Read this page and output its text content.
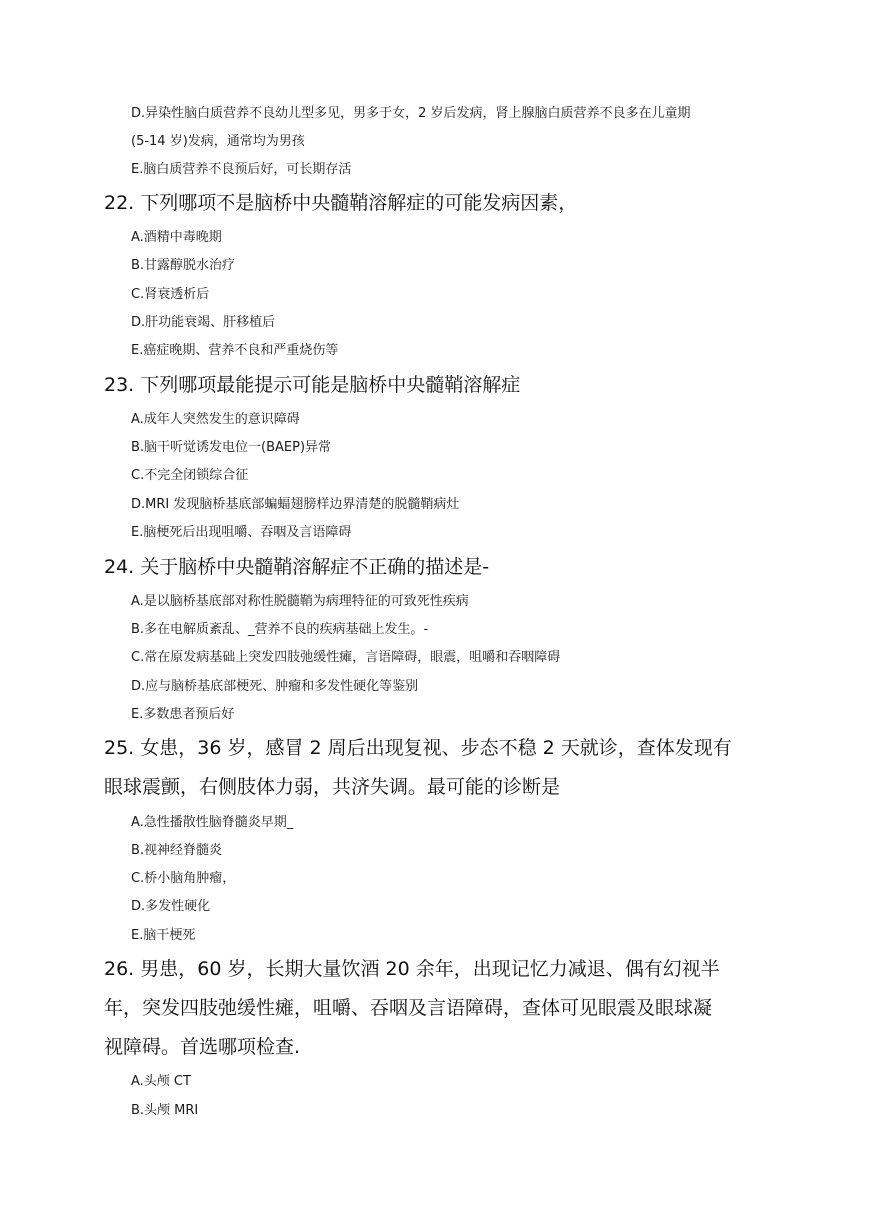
D.异染性脑白质营养不良幼儿型多见，男多于女，2 岁后发病，肾上腺脑白质营养不良多在儿童期
(5-14 岁)发病，通常均为男孩
E.脑白质营养不良预后好，可长期存活
22. 下列哪项不是脑桥中央髓鞘溶解症的可能发病因素，
A.酒精中毒晚期
B.甘露醇脱水治疗
C.肾衰透析后
D.肝功能衰竭、肝移植后
E.癌症晚期、营养不良和严重烧伤等
23. 下列哪项最能提示可能是脑桥中央髓鞘溶解症
A.成年人突然发生的意识障碍
B.脑干听觉诱发电位一(BAEP)异常
C.不完全闭锁综合征
D.MRI 发现脑桥基底部蝙蝠翅膀样边界清楚的脱髓鞘病灶
E.脑梗死后出现咀嚼、吞咽及言语障碍
24. 关于脑桥中央髓鞘溶解症不正确的描述是-
A.是以脑桥基底部对称性脱髓鞘为病理特征的可致死性疾病
B.多在电解质紊乱、_营养不良的疾病基础上发生。-
C.常在原发病基础上突发四肢弛缓性瘫，言语障碍，眼震，咀嚼和吞咽障碍
D.应与脑桥基底部梗死、肿瘤和多发性硬化等鉴别
E.多数患者预后好
25. 女患，36 岁，感冒 2 周后出现复视、步态不稳 2 天就诊，查体发现有
眼球震颤，右侧肢体力弱，共济失调。最可能的诊断是
A.急性播散性脑脊髓炎早期_
B.视神经脊髓炎
C.桥小脑角肿瘤，
D.多发性硬化
E.脑干梗死
26. 男患，60 岁，长期大量饮酒 20 余年，出现记忆力减退、偶有幻视半
年，突发四肢弛缓性瘫，咀嚼、吞咽及言语障碍，查体可见眼震及眼球凝
视障碍。首选哪项检查.
A.头颅 CT
B.头颅 MRI
